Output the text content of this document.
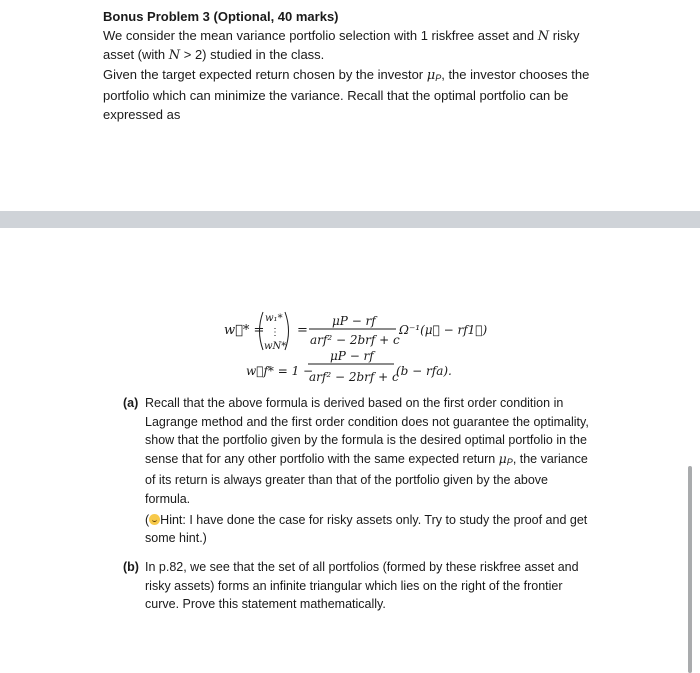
Bonus Problem 3 (Optional, 40 marks)

We consider the mean variance portfolio selection with 1 riskfree asset and N risky asset (with N > 2) studied in the class.

Given the target expected return chosen by the investor $\mu_P$, the investor chooses the portfolio which can minimize the variance. Recall that the optimal portfolio can be expressed as

w⃗* =
w₁*
⋮
wN*
=
μP − rf
arf² − 2brf + c
Ω⁻¹(μ⃗ − rf1⃗)
w⃗f* = 1 −
μP − rf
arf² − 2brf + c
(b − rfa).
(a) Recall that the above formula is derived based on the first order condition in Lagrange method and the first order condition does not guarantee the optimality, show that the portfolio given by the formula is the desired optimal portfolio in the sense that for any other portfolio with the same expected return $\mu_P$, the variance of its return is always greater than that of the portfolio given by the above formula.
( Hint: I have done the case for risky assets only. Try to study the proof and get some hint.)
(b) In p.82, we see that the set of all portfolios (formed by these riskfree asset and risky assets) forms an infinite triangular which lies on the right of the frontier curve. Prove this statement mathematically.
